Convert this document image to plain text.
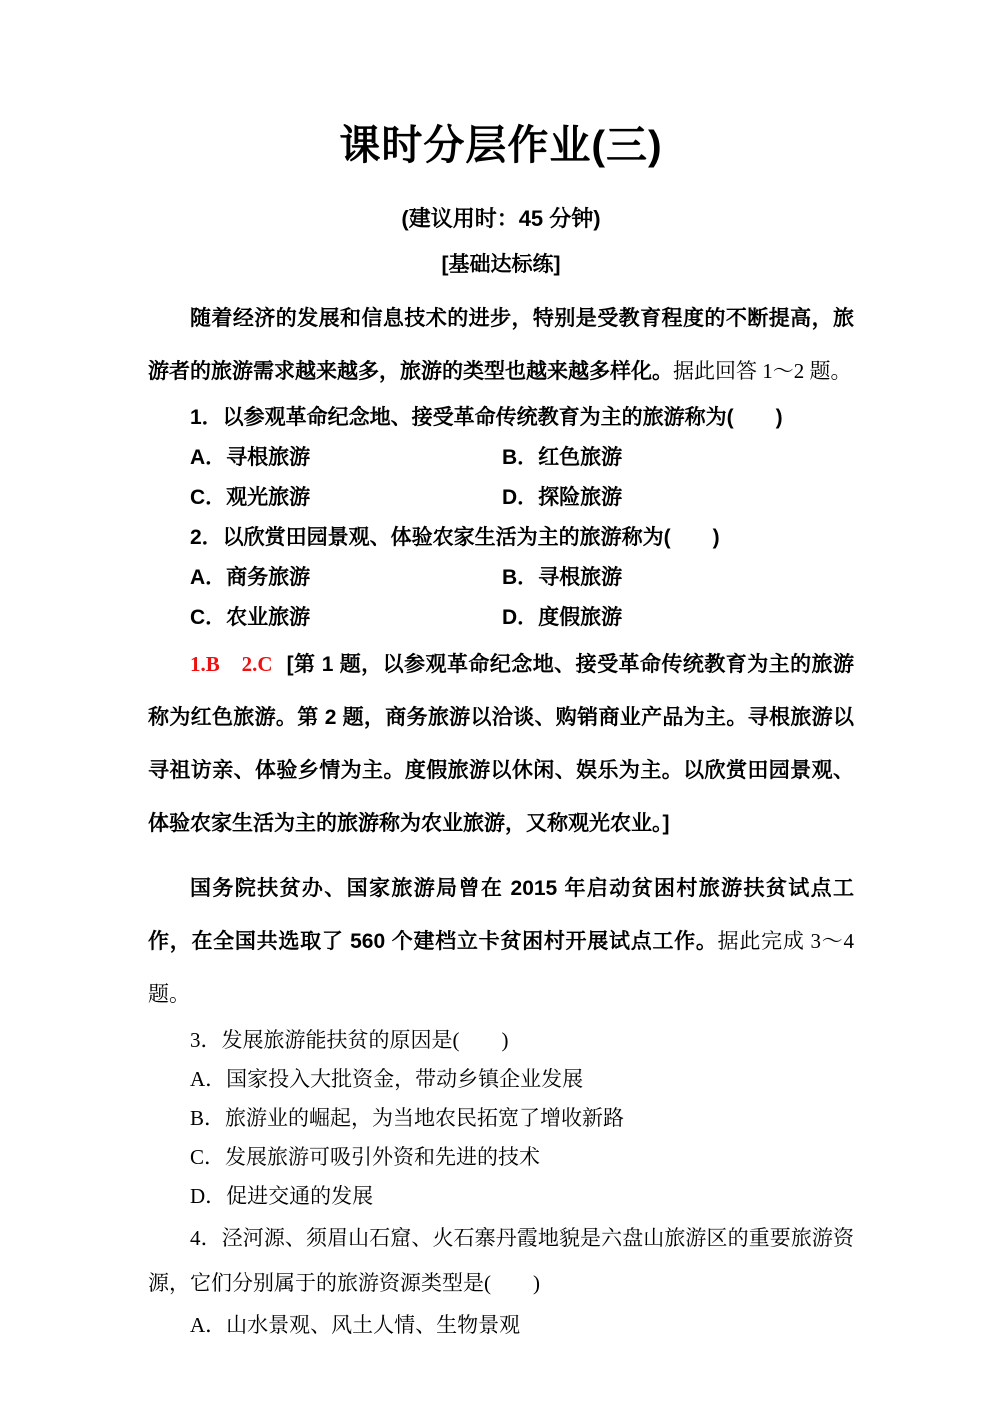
课时分层作业(三)
(建议用时：45 分钟)
[基础达标练]

随着经济的发展和信息技术的进步，特别是受教育程度的不断提高，旅游者的旅游需求越来越多，旅游的类型也越来越多样化。据此回答 1～2 题。

1．以参观革命纪念地、接受革命传统教育为主的旅游称为(　　)

A．寻根旅游	B．红色旅游
C．观光旅游	D．探险旅游

2．以欣赏田园景观、体验农家生活为主的旅游称为(　　)

A．商务旅游	B．寻根旅游
C．农业旅游	D．度假旅游

1.B　2.C [第 1 题，以参观革命纪念地、接受革命传统教育为主的旅游称为红色旅游。第 2 题，商务旅游以洽谈、购销商业产品为主。寻根旅游以寻祖访亲、体验乡情为主。度假旅游以休闲、娱乐为主。以欣赏田园景观、体验农家生活为主的旅游称为农业旅游，又称观光农业。]

国务院扶贫办、国家旅游局曾在 2015 年启动贫困村旅游扶贫试点工作，在全国共选取了 560 个建档立卡贫困村开展试点工作。据此完成 3～4 题。

3．发展旅游能扶贫的原因是(　　)

A．国家投入大批资金，带动乡镇企业发展
B．旅游业的崛起，为当地农民拓宽了增收新路
C．发展旅游可吸引外资和先进的技术
D．促进交通的发展

4．泾河源、须眉山石窟、火石寨丹霞地貌是六盘山旅游区的重要旅游资源，它们分别属于的旅游资源类型是(　　)

A．山水景观、风土人情、生物景观
